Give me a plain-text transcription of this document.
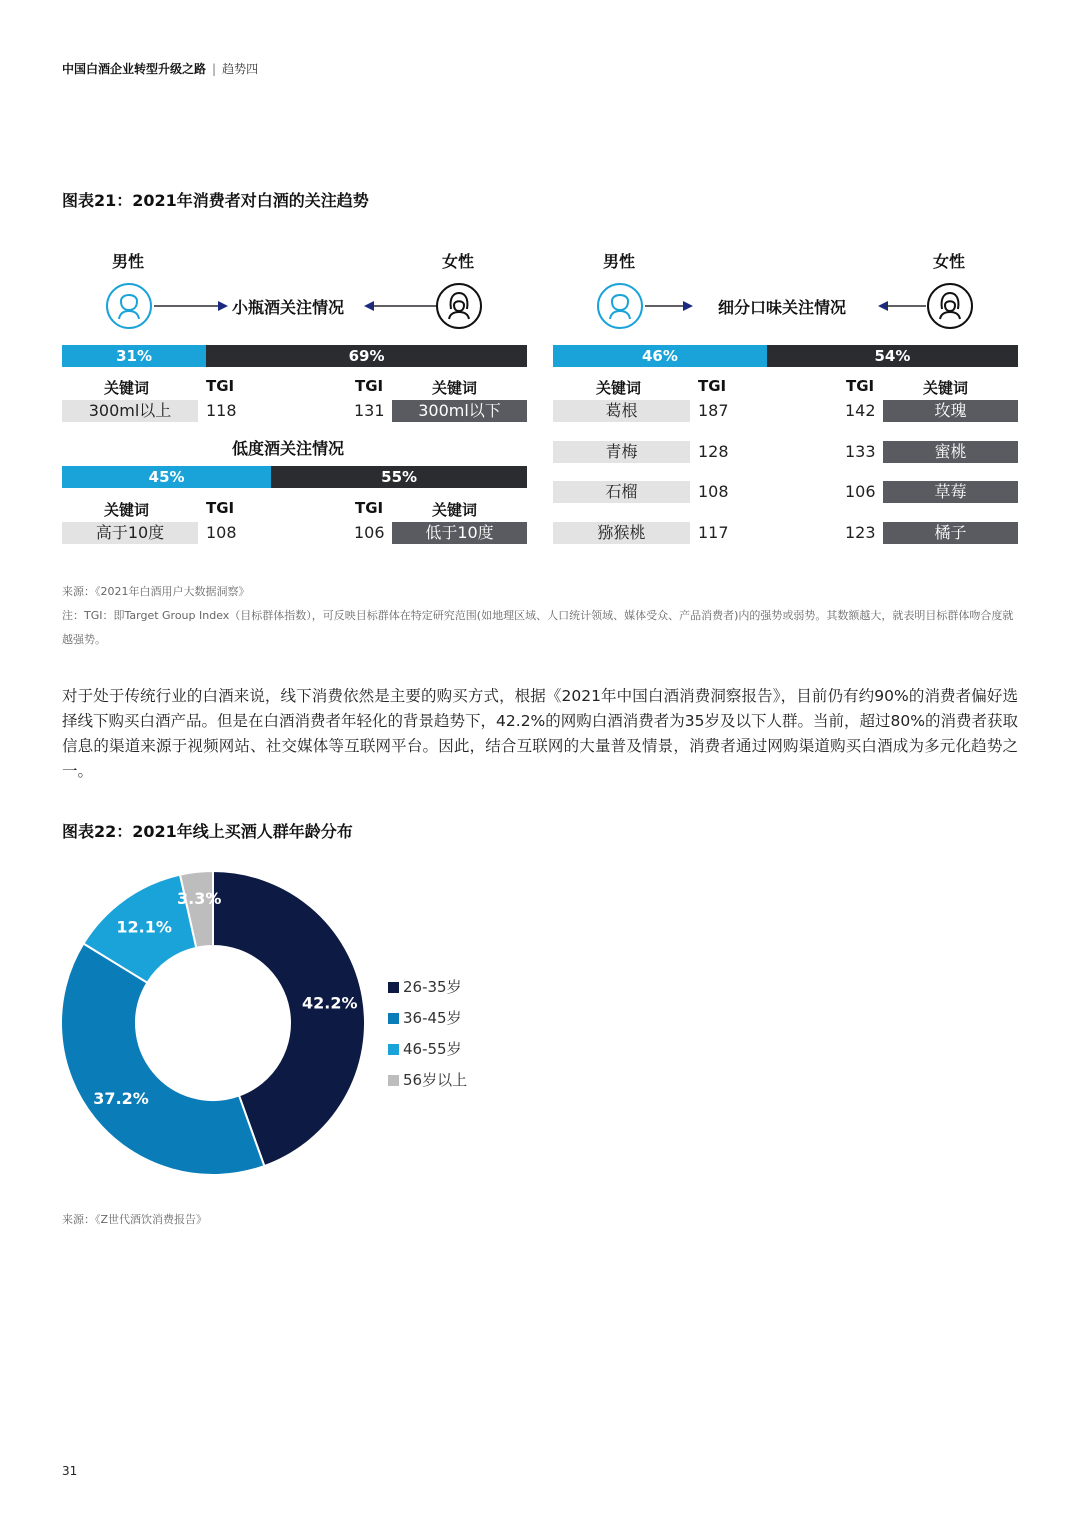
中国白酒企业转型升级之路 | 趋势四
图表21：2021年消费者对白酒的关注趋势
男性	女性
小瓶酒关注情况
31%	69%
关键词	TGI	TGI	关键词
300ml以上	118	131	300ml以下
低度酒关注情况
45%	55%
关键词	TGI	TGI	关键词
高于10度	108	106	低于10度
男性	女性
细分口味关注情况
46%	54%
关键词	TGI	TGI	关键词
葛根	187	142	玫瑰
青梅	128	133	蜜桃
石榴	108	106	草莓
猕猴桃	117	123	橘子
来源：《2021年白酒用户大数据洞察》
注：TGI：即Target Group Index（目标群体指数），可反映目标群体在特定研究范围(如地理区域、人口统计领域、媒体受众、产品消费者)内的强势或弱势。其数额越大，就表明目标群体吻合度就越强势。
对于处于传统行业的白酒来说，线下消费依然是主要的购买方式，根据《2021年中国白酒消费洞察报告》，目前仍有约90%的消费者偏好选择线下购买白酒产品。但是在白酒消费者年轻化的背景趋势下，42.2%的网购白酒消费者为35岁及以下人群。当前，超过80%的消费者获取信息的渠道来源于视频网站、社交媒体等互联网平台。因此，结合互联网的大量普及情景，消费者通过网购渠道购买白酒成为多元化趋势之一。
图表22：2021年线上买酒人群年龄分布
42.2%
37.2%
12.1%
3.3%
26-35岁
36-45岁
46-55岁
56岁以上
来源：《Z世代酒饮消费报告》
31
